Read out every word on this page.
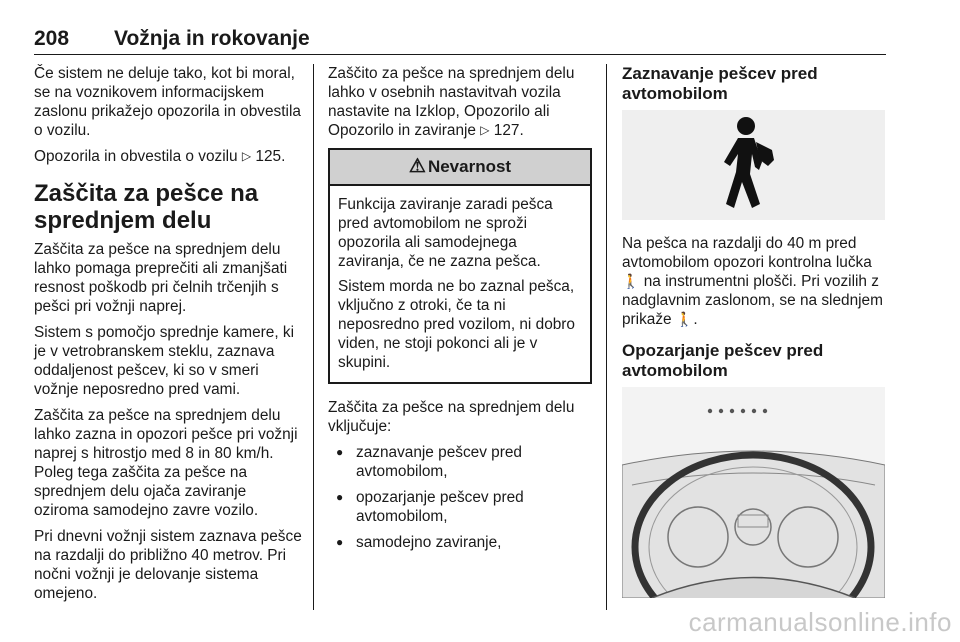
208 Vožnja in rokovanje

Če sistem ne deluje tako, kot bi moral, se na voznikovem informacijskem zaslonu prikažejo opozorila in obvestila o vozilu.

Opozorila in obvestila o vozilu ▷ 125.

Zaščita za pešce na sprednjem delu

Zaščita za pešce na sprednjem delu lahko pomaga preprečiti ali zmanjšati resnost poškodb pri čelnih trčenjih s pešci pri vožnji naprej.

Sistem s pomočjo sprednje kamere, ki je v vetrobranskem steklu, zaznava oddaljenost pešcev, ki so v smeri vožnje neposredno pred vami.

Zaščita za pešce na sprednjem delu lahko zazna in opozori pešce pri vožnji naprej s hitrostjo med 8 in 80 km/h. Poleg tega zaščita za pešce na sprednjem delu ojača zaviranje oziroma samodejno zavre vozilo.

Pri dnevni vožnji sistem zaznava pešce na razdalji do približno 40 metrov. Pri nočni vožnji je delovanje sistema omejeno.

Zaščito za pešce na sprednjem delu lahko v osebnih nastavitvah vozila nastavite na Izklop, Opozorilo ali Opozorilo in zaviranje ▷ 127.

⚠ Nevarnost

Funkcija zaviranje zaradi pešca pred avtomobilom ne sproži opozorila ali samodejnega zaviranja, če ne zazna pešca.

Sistem morda ne bo zaznal pešca, vključno z otroki, če ta ni neposredno pred vozilom, ni dobro viden, ne stoji pokonci ali je v skupini.

Zaščita za pešce na sprednjem delu vključuje:

● zaznavanje pešcev pred avtomobilom,
● opozarjanje pešcev pred avtomobilom,
● samodejno zaviranje,
Zaznavanje pešcev pred avtomobilom

Na pešca na razdalji do 40 m pred avtomobilom opozori kontrolna lučka 🚶 na instrumentni plošči. Pri vozilih z nadglavnim zaslonom, se na slednjem prikaže 🚶.

Opozarjanje pešcev pred avtomobilom
carmanualsonline.info
